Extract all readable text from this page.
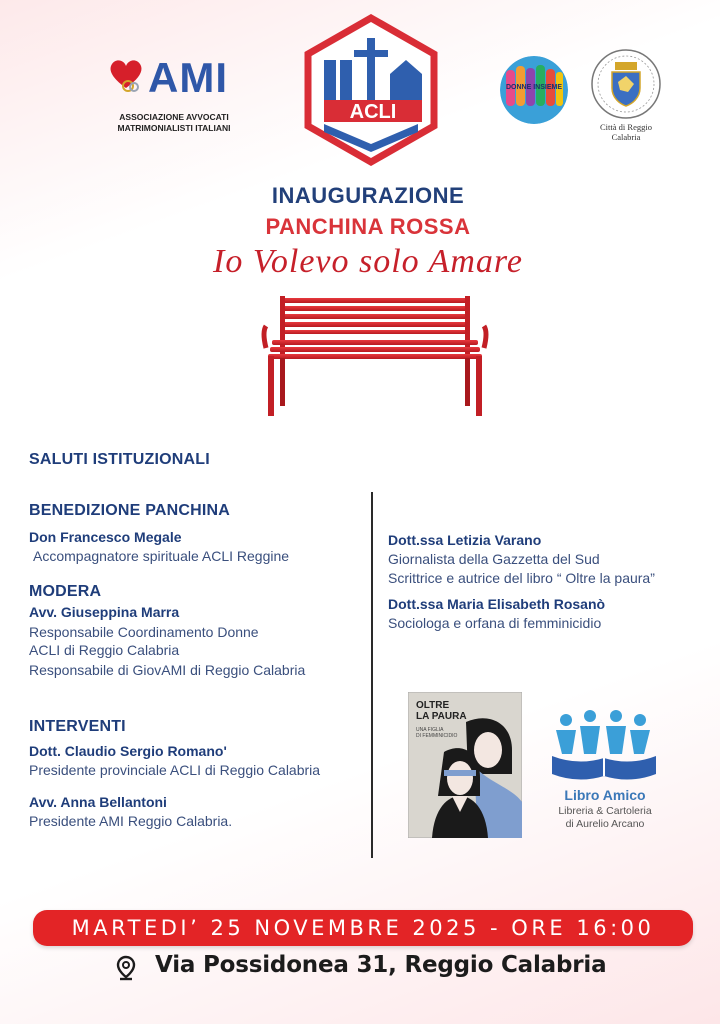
AMI
ASSOCIAZIONE AVVOCATI
MATRIMONIALISTI ITALIANI
ACLI
DONNE INSIEME
Città di Reggio Calabria
INAUGURAZIONE
PANCHINA ROSSA
Io Volevo solo Amare
SALUTI ISTITUZIONALI
BENEDIZIONE PANCHINA
Don Francesco Megale
Accompagnatore spirituale ACLI Reggine
MODERA
Avv. Giuseppina Marra
Responsabile Coordinamento Donne
ACLI di Reggio Calabria
Responsabile di GiovAMI di Reggio Calabria
INTERVENTI
Dott. Claudio Sergio Romano'
Presidente provinciale ACLI di Reggio Calabria
Avv. Anna Bellantoni
Presidente AMI Reggio Calabria.
Dott.ssa Letizia Varano
Giornalista della Gazzetta del Sud
Scrittrice e autrice del libro “ Oltre la paura”
Dott.ssa Maria Elisabeth Rosanò
Sociologa e orfana di femminicidio
OLTRE
LA PAURA
UNA FIGLIA
DI FEMMINICIDIO
Libro Amico
Libreria & Cartoleria
di Aurelio Arcano
MARTEDI’ 25 NOVEMBRE 2025 - ORE 16:00
Via Possidonea 31, Reggio Calabria
